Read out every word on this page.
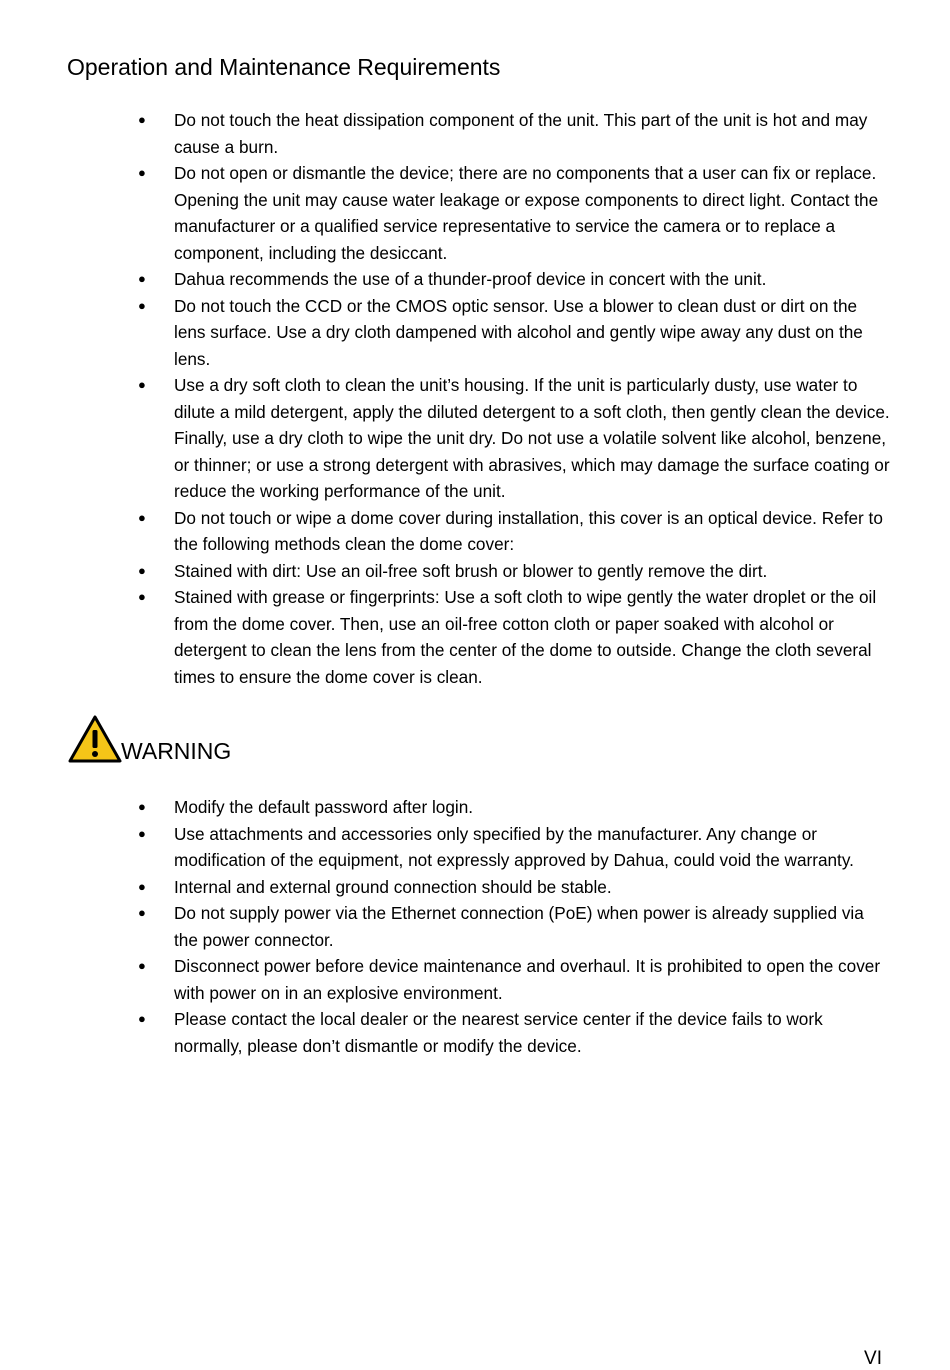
Operation and Maintenance Requirements
● Do not touch the heat dissipation component of the unit. This part of the unit is hot and may cause a burn.
● Do not open or dismantle the device; there are no components that a user can fix or replace. Opening the unit may cause water leakage or expose components to direct light. Contact the manufacturer or a qualified service representative to service the camera or to replace a component, including the desiccant.
● Dahua recommends the use of a thunder-proof device in concert with the unit.
● Do not touch the CCD or the CMOS optic sensor. Use a blower to clean dust or dirt on the lens surface. Use a dry cloth dampened with alcohol and gently wipe away any dust on the lens.
● Use a dry soft cloth to clean the unit’s housing. If the unit is particularly dusty, use water to dilute a mild detergent, apply the diluted detergent to a soft cloth, then gently clean the device. Finally, use a dry cloth to wipe the unit dry. Do not use a volatile solvent like alcohol, benzene, or thinner; or use a strong detergent with abrasives, which may damage the surface coating or reduce the working performance of the unit.
● Do not touch or wipe a dome cover during installation, this cover is an optical device. Refer to the following methods clean the dome cover:
● Stained with dirt: Use an oil-free soft brush or blower to gently remove the dirt.
● Stained with grease or fingerprints: Use a soft cloth to wipe gently the water droplet or the oil from the dome cover. Then, use an oil-free cotton cloth or paper soaked with alcohol or detergent to clean the lens from the center of the dome to outside. Change the cloth several times to ensure the dome cover is clean.
WARNING
● Modify the default password after login.
● Use attachments and accessories only specified by the manufacturer. Any change or modification of the equipment, not expressly approved by Dahua, could void the warranty.
● Internal and external ground connection should be stable.
● Do not supply power via the Ethernet connection (PoE) when power is already supplied via the power connector.
● Disconnect power before device maintenance and overhaul. It is prohibited to open the cover with power on in an explosive environment.
● Please contact the local dealer or the nearest service center if the device fails to work normally, please don’t dismantle or modify the device.
VI
